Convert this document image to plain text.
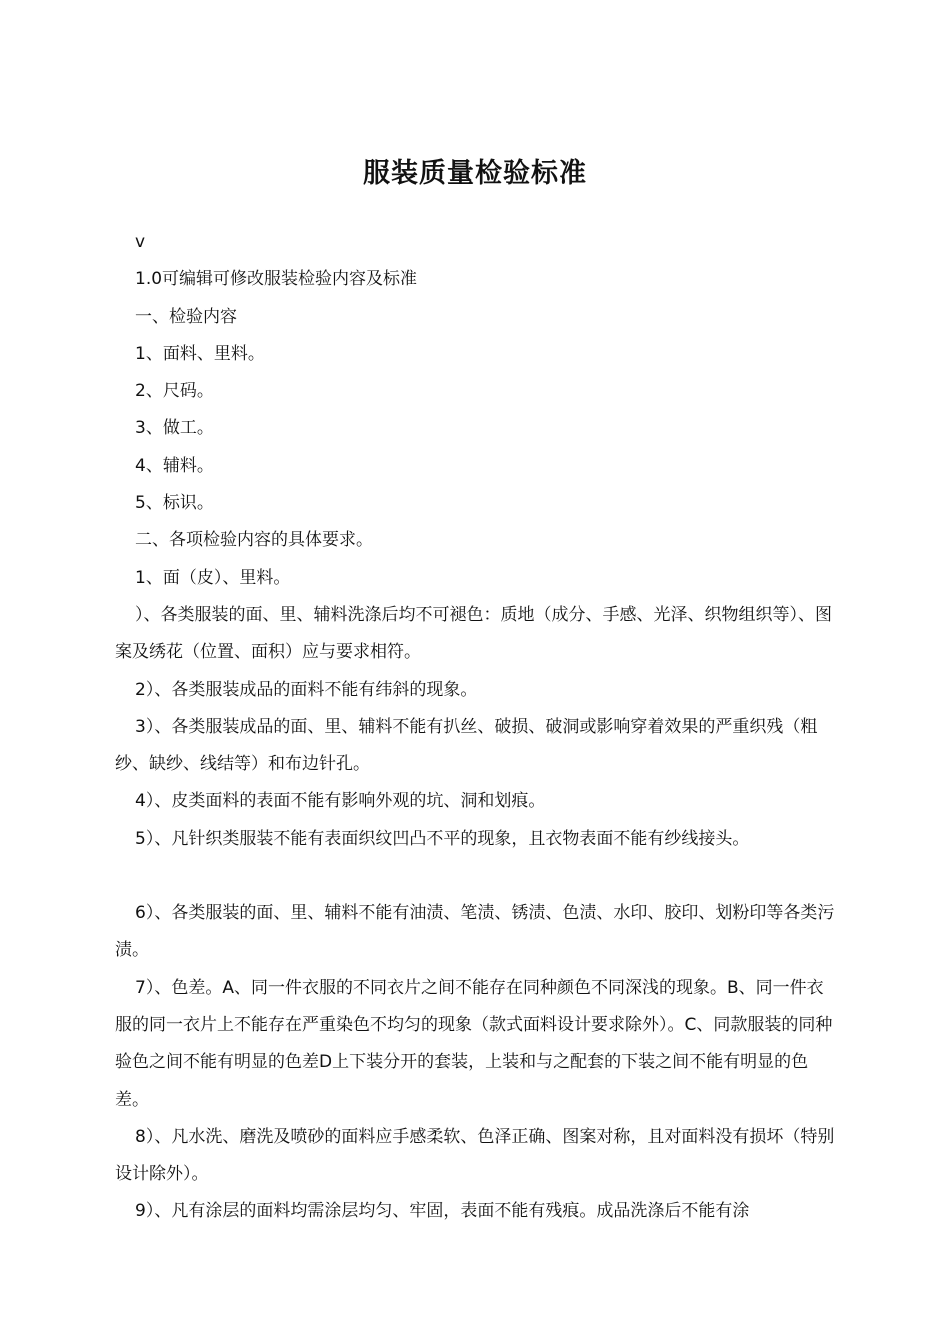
服装质量检验标准

v

1.0可编辑可修改服装检验内容及标准

一、检验内容

1、面料、里料。

2、尺码。

3、做工。

4、辅料。

5、标识。

二、各项检验内容的具体要求。

1、面（皮）、里料。

）、各类服装的面、里、辅料洗涤后均不可褪色：质地（成分、手感、光泽、织物组织等）、图案及绣花（位置、面积）应与要求相符。

2）、各类服装成品的面料不能有纬斜的现象。

3）、各类服装成品的面、里、辅料不能有扒丝、破损、破洞或影响穿着效果的严重织残（粗纱、缺纱、线结等）和布边针孔。

4）、皮类面料的表面不能有影响外观的坑、洞和划痕。

5）、凡针织类服装不能有表面织纹凹凸不平的现象，且衣物表面不能有纱线接头。

6）、各类服装的面、里、辅料不能有油渍、笔渍、锈渍、色渍、水印、胶印、划粉印等各类污渍。

7）、色差。A、同一件衣服的不同衣片之间不能存在同种颜色不同深浅的现象。B、同一件衣服的同一衣片上不能存在严重染色不均匀的现象（款式面料设计要求除外）。C、同款服装的同种验色之间不能有明显的色差D上下装分开的套装，上装和与之配套的下装之间不能有明显的色差。

8）、凡水洗、磨洗及喷砂的面料应手感柔软、色泽正确、图案对称，且对面料没有损坏（特别设计除外）。

9）、凡有涂层的面料均需涂层均匀、牢固，表面不能有残痕。成品洗涤后不能有涂
